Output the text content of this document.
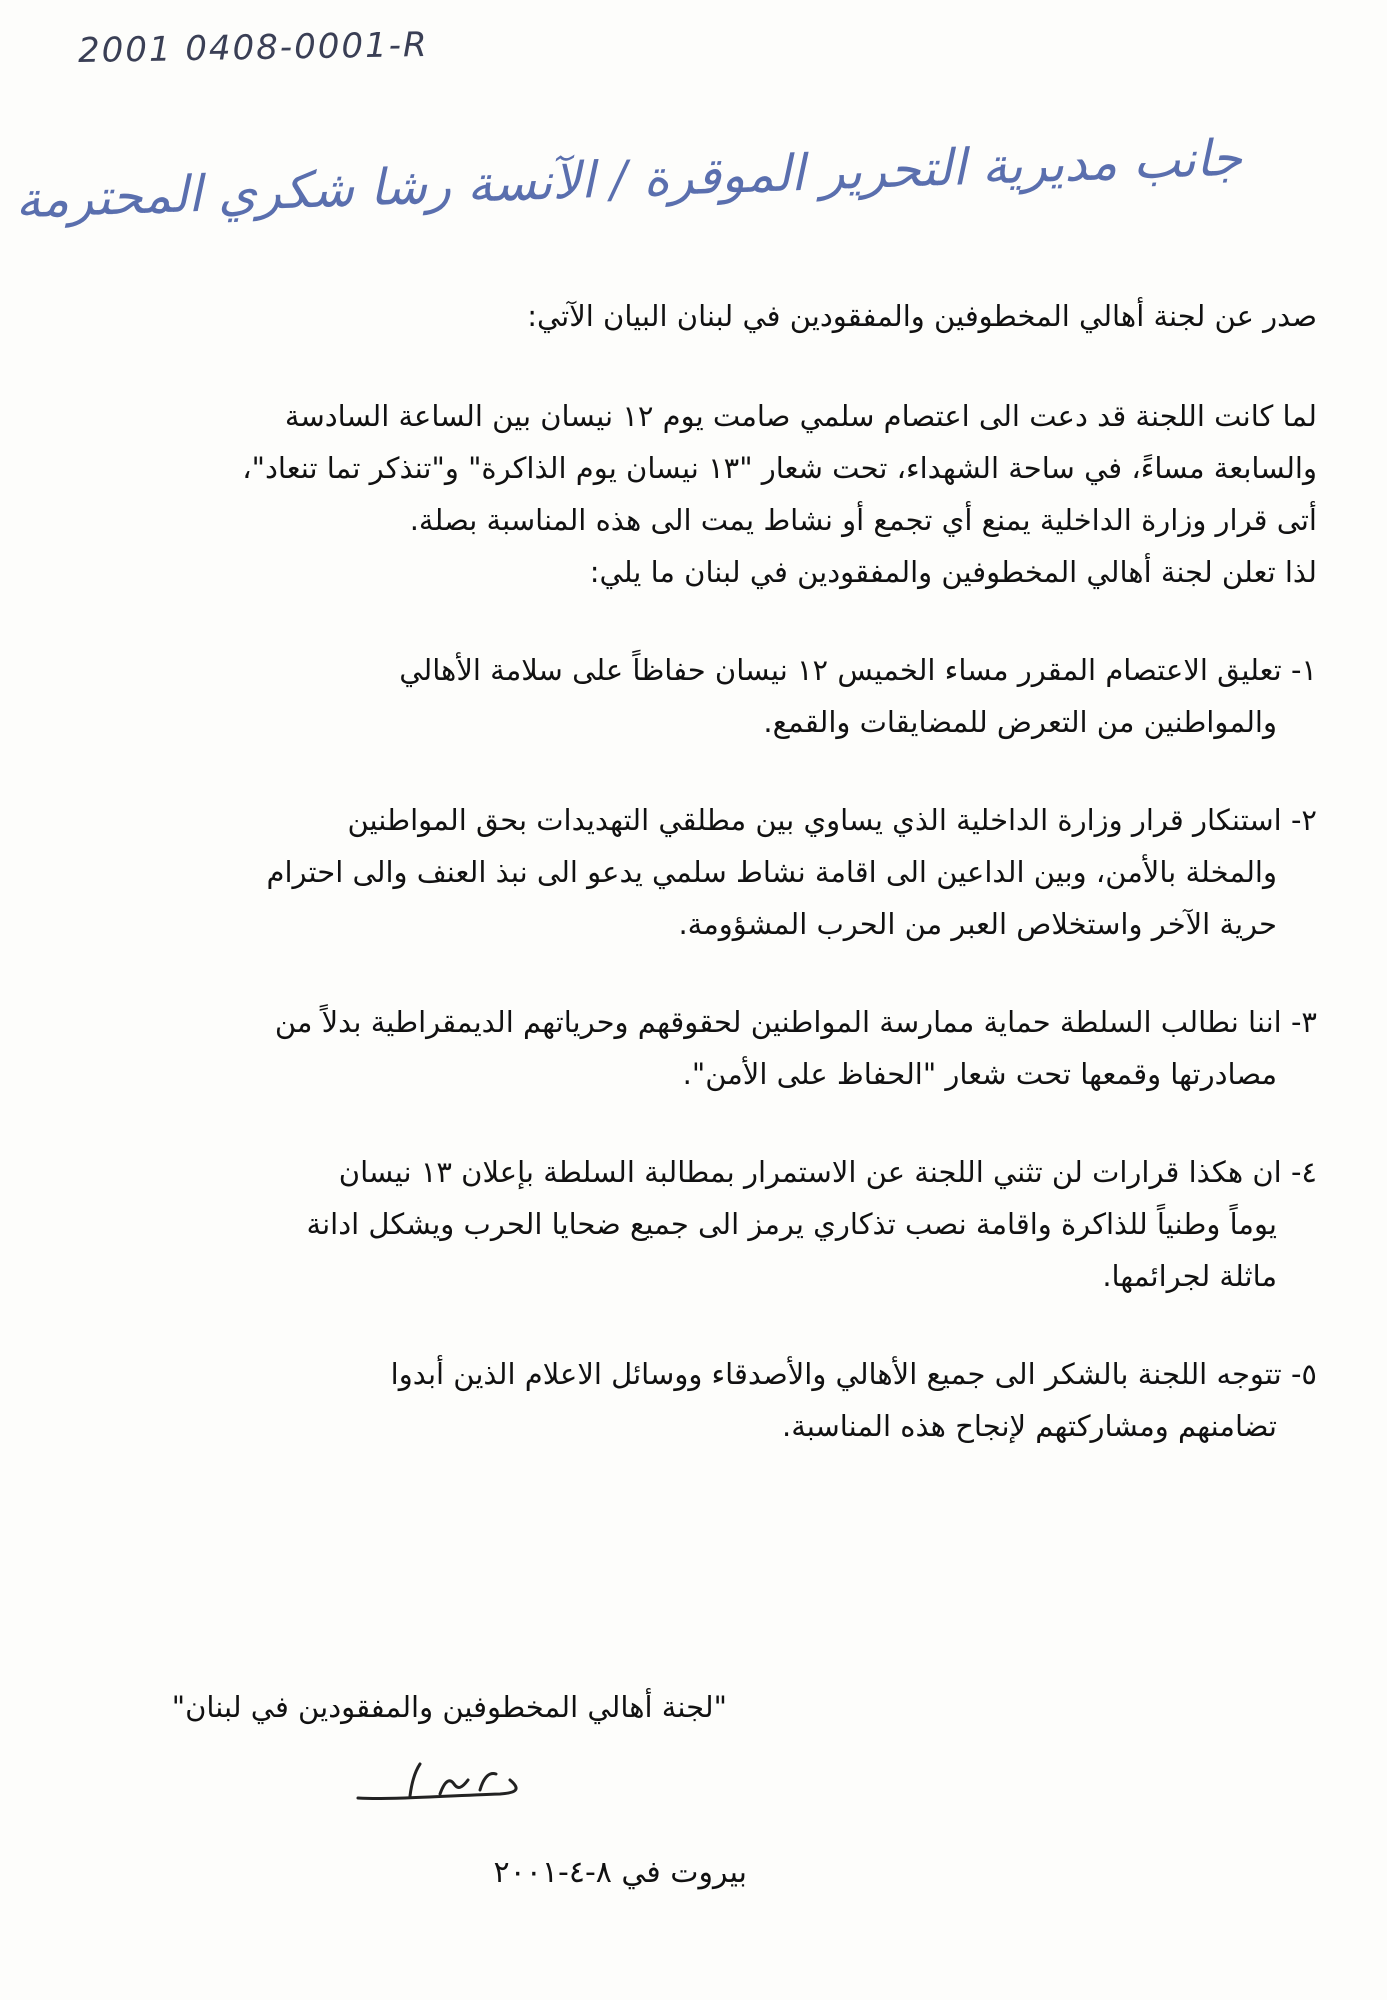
2001 0408-0001-R
جانب مديرية التحرير الموقرة / الآنسة رشا شكري المحترمة
صدر عن لجنة أهالي المخطوفين والمفقودين في لبنان البيان الآتي:

لما كانت اللجنة قد دعت الى اعتصام سلمي صامت يوم ١٢ نيسان بين الساعة السادسة

والسابعة مساءً، في ساحة الشهداء، تحت شعار "١٣ نيسان يوم الذاكرة" و"تنذكر تما تنعاد"،

أتى قرار وزارة الداخلية يمنع أي تجمع أو نشاط يمت الى هذه المناسبة بصلة.

لذا تعلن لجنة أهالي المخطوفين والمفقودين في لبنان ما يلي:

١- تعليق الاعتصام المقرر مساء الخميس ١٢ نيسان حفاظاً على سلامة الأهالي
والمواطنين من التعرض للمضايقات والقمع.
٢- استنكار قرار وزارة الداخلية الذي يساوي بين مطلقي التهديدات بحق المواطنين
والمخلة بالأمن، وبين الداعين الى اقامة نشاط سلمي يدعو الى نبذ العنف والى احترام
حرية الآخر واستخلاص العبر من الحرب المشؤومة.
٣- اننا نطالب السلطة حماية ممارسة المواطنين لحقوقهم وحرياتهم الديمقراطية بدلاً من
مصادرتها وقمعها تحت شعار "الحفاظ على الأمن".
٤- ان هكذا قرارات لن تثني اللجنة عن الاستمرار بمطالبة السلطة بإعلان ١٣ نيسان
يوماً وطنياً للذاكرة واقامة نصب تذكاري يرمز الى جميع ضحايا الحرب ويشكل ادانة
ماثلة لجرائمها.
٥- تتوجه اللجنة بالشكر الى جميع الأهالي والأصدقاء ووسائل الاعلام الذين أبدوا
تضامنهم ومشاركتهم لإنجاح هذه المناسبة.
"لجنة أهالي المخطوفين والمفقودين في لبنان"
بيروت في ٨-٤-٢٠٠١
